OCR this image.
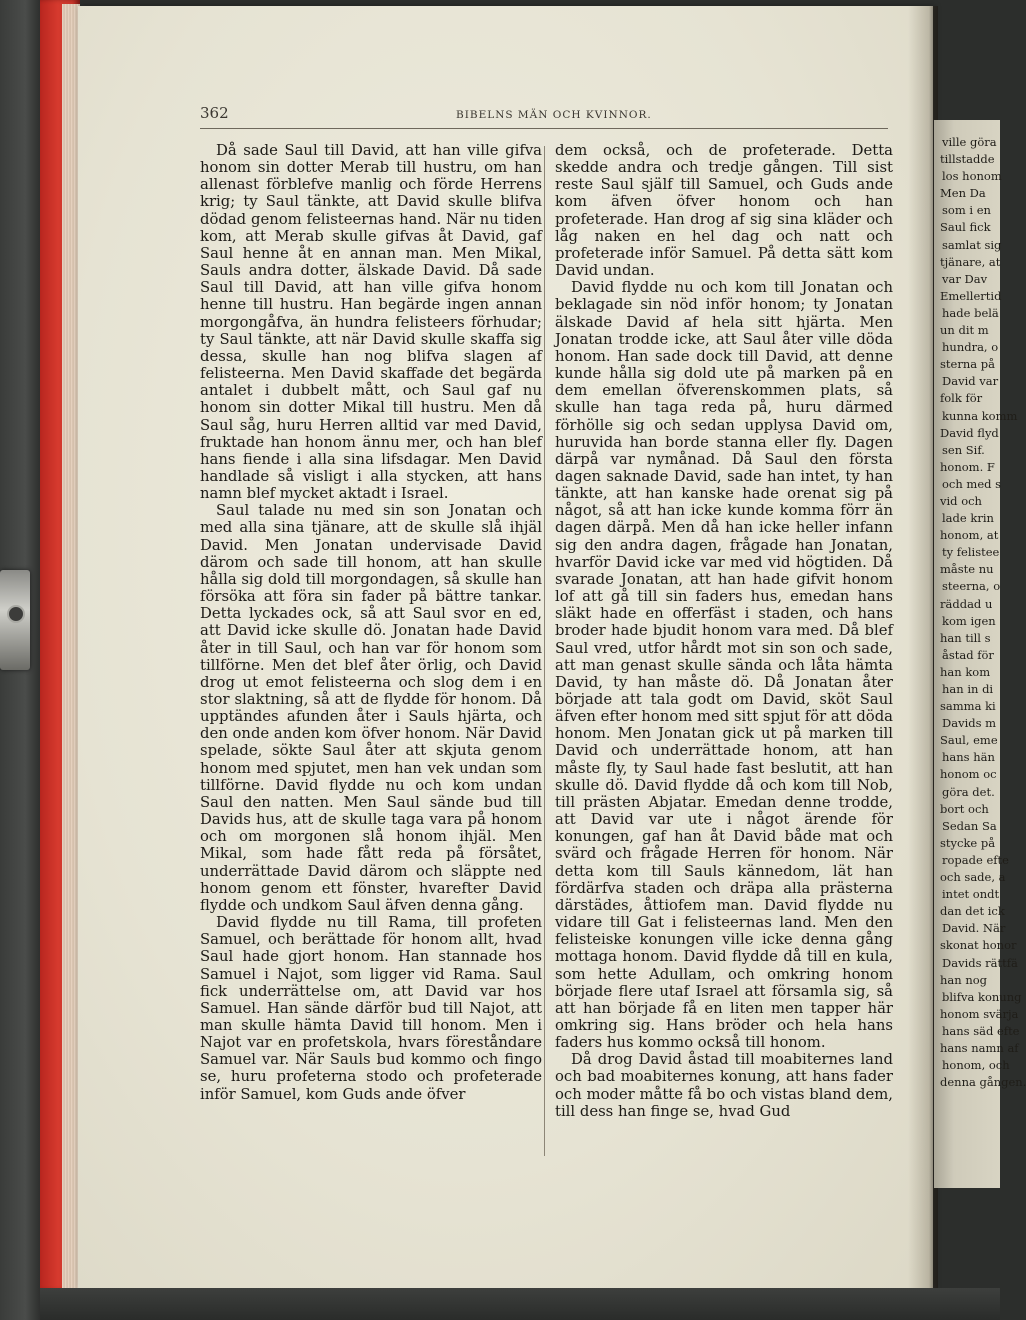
362	BIBELNS MÄN OCH KVINNOR.

Då sade Saul till David, att han ville gifva honom sin dotter Merab till hustru, om han allenast förblefve manlig och förde Herrens krig; ty Saul tänkte, att David skulle blifva dödad genom felisteernas hand. När nu tiden kom, att Merab skulle gifvas åt David, gaf Saul henne åt en annan man. Men Mikal, Sauls andra dotter, älskade David. Då sade Saul till David, att han ville gifva honom henne till hustru. Han begärde ingen annan morgongåfva, än hundra felisteers förhudar; ty Saul tänkte, att när David skulle skaffa sig dessa, skulle han nog blifva slagen af felisteerna. Men David skaffade det begärda antalet i dubbelt mått, och Saul gaf nu honom sin dotter Mikal till hustru. Men då Saul såg, huru Herren alltid var med David, fruktade han honom ännu mer, och han blef hans fiende i alla sina lifsdagar. Men David handlade så visligt i alla stycken, att hans namn blef mycket aktadt i Israel.

Saul talade nu med sin son Jonatan och med alla sina tjänare, att de skulle slå ihjäl David. Men Jonatan undervisade David därom och sade till honom, att han skulle hålla sig dold till morgondagen, så skulle han försöka att föra sin fader på bättre tankar. Detta lyckades ock, så att Saul svor en ed, att David icke skulle dö. Jonatan hade David åter in till Saul, och han var för honom som tillförne. Men det blef åter örlig, och David drog ut emot felisteerna och slog dem i en stor slaktning, så att de flydde för honom. Då upptändes afunden åter i Sauls hjärta, och den onde anden kom öfver honom. När David spelade, sökte Saul åter att skjuta genom honom med spjutet, men han vek undan som tillförne. David flydde nu och kom undan Saul den natten. Men Saul sände bud till Davids hus, att de skulle taga vara på honom och om morgonen slå honom ihjäl. Men Mikal, som hade fått reda på försåtet, underrättade David därom och släppte ned honom genom ett fönster, hvarefter David flydde och undkom Saul äfven denna gång.

David flydde nu till Rama, till profeten Samuel, och berättade för honom allt, hvad Saul hade gjort honom. Han stannade hos Samuel i Najot, som ligger vid Rama. Saul fick underrättelse om, att David var hos Samuel. Han sände därför bud till Najot, att man skulle hämta David till honom. Men i Najot var en profetskola, hvars föreståndare Samuel var. När Sauls bud kommo och fingo se, huru profeterna stodo och profeterade inför Samuel, kom Guds ande öfver

dem också, och de profeterade. Detta skedde andra och tredje gången. Till sist reste Saul själf till Samuel, och Guds ande kom äfven öfver honom och han profeterade. Han drog af sig sina kläder och låg naken en hel dag och natt och profeterade inför Samuel. På detta sätt kom David undan.

David flydde nu och kom till Jonatan och beklagade sin nöd inför honom; ty Jonatan älskade David af hela sitt hjärta. Men Jonatan trodde icke, att Saul åter ville döda honom. Han sade dock till David, att denne kunde hålla sig dold ute på marken på en dem emellan öfverenskommen plats, så skulle han taga reda på, huru därmed förhölle sig och sedan upplysa David om, huruvida han borde stanna eller fly. Dagen därpå var nymånad. Då Saul den första dagen saknade David, sade han intet, ty han tänkte, att han kanske hade orenat sig på något, så att han icke kunde komma förr än dagen därpå. Men då han icke heller infann sig den andra dagen, frågade han Jonatan, hvarför David icke var med vid högtiden. Då svarade Jonatan, att han hade gifvit honom lof att gå till sin faders hus, emedan hans släkt hade en offerfäst i staden, och hans broder hade bjudit honom vara med. Då blef Saul vred, utfor hårdt mot sin son och sade, att man genast skulle sända och låta hämta David, ty han måste dö. Då Jonatan åter började att tala godt om David, sköt Saul äfven efter honom med sitt spjut för att döda honom. Men Jonatan gick ut på marken till David och underrättade honom, att han måste fly, ty Saul hade fast beslutit, att han skulle dö. David flydde då och kom till Nob, till prästen Abjatar. Emedan denne trodde, att David var ute i något ärende för konungen, gaf han åt David både mat och svärd och frågade Herren för honom. När detta kom till Sauls kännedom, lät han fördärfva staden och dräpa alla prästerna därstädes, åttiofem man. David flydde nu vidare till Gat i felisteernas land. Men den felisteiske konungen ville icke denna gång mottaga honom. David flydde då till en kula, som hette Adullam, och omkring honom började flere utaf Israel att församla sig, så att han började få en liten men tapper här omkring sig. Hans bröder och hela hans faders hus kommo också till honom.

Då drog David åstad till moabiternes land och bad moabiternes konung, att hans fader och moder måtte få bo och vistas bland dem, till dess han finge se, hvad Gud

ville göra
tillstadde
los honom
Men Da
som i en
Saul fick
samlat sig
tjänare, at
var Dav
Emellertid
hade belä
un dit m
hundra, o
sterna på
David var
folk för
kunna komm
David flyd
sen Sif.
honom. F
och med s
vid och
lade krin
honom, at
ty felistee
måste nu
steerna, o
räddad u
kom igen
han till s
åstad för
han kom
han in di
samma ki
Davids m
Saul, eme
hans hän
honom oc
göra det.
bort och
Sedan Sa
stycke på
ropade efte
och sade, a
intet ondt
dan det ick
David. När
skonat honor
Davids rättfä
han nog
blifva konung
honom svärja
hans säd efte
hans namn af
honom, och
denna gången.
